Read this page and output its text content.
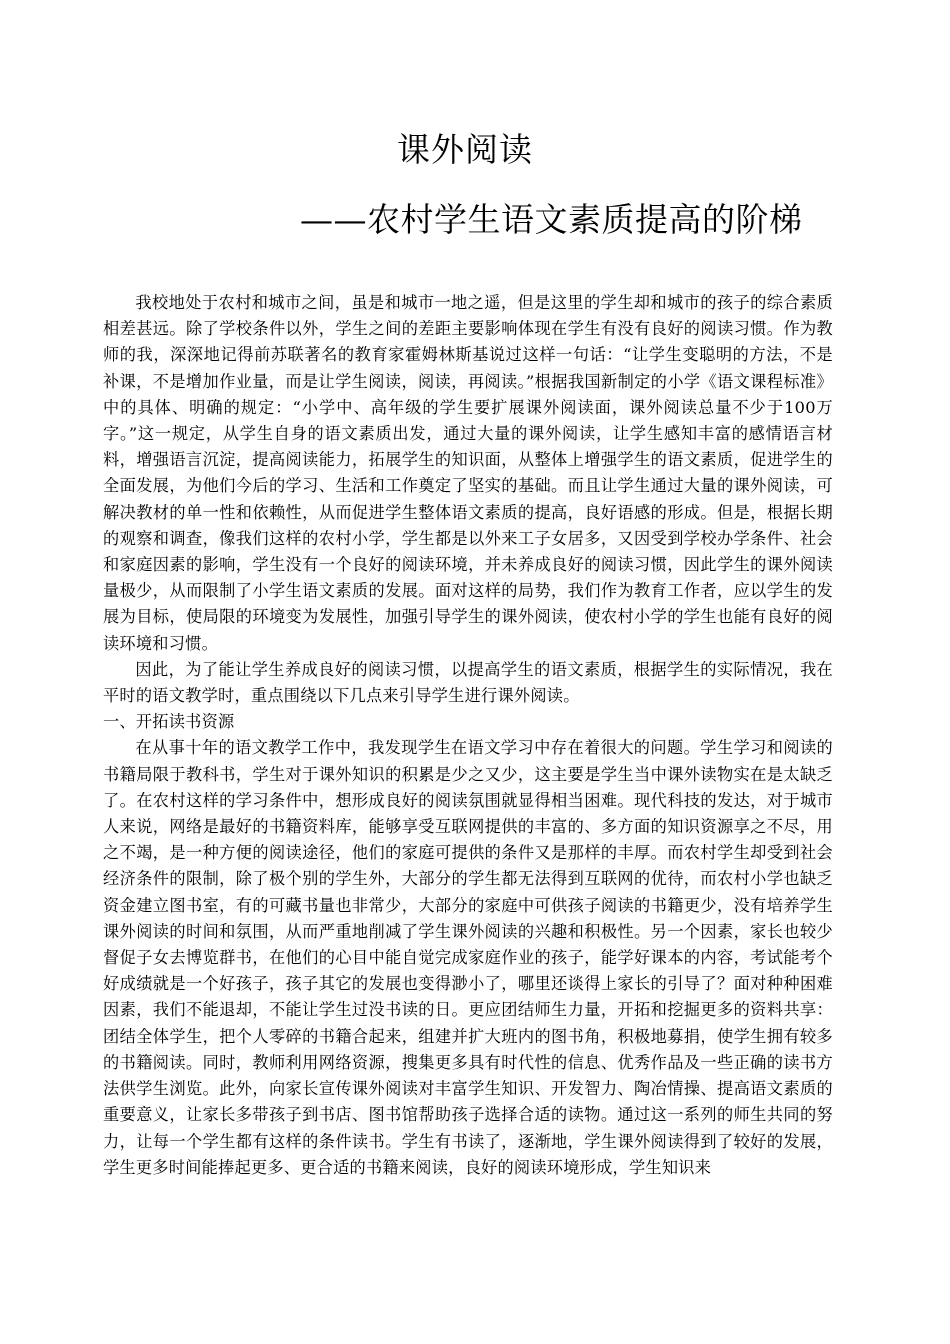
课外阅读
——农村学生语文素质提高的阶梯

我校地处于农村和城市之间，虽是和城市一地之遥，但是这里的学生却和城市的孩子的综合素质相差甚远。除了学校条件以外，学生之间的差距主要影响体现在学生有没有良好的阅读习惯。作为教师的我，深深地记得前苏联著名的教育家霍姆林斯基说过这样一句话：“让学生变聪明的方法，不是补课，不是增加作业量，而是让学生阅读，阅读，再阅读。”根据我国新制定的小学《语文课程标准》中的具体、明确的规定：“小学中、高年级的学生要扩展课外阅读面，课外阅读总量不少于100万字。”这一规定，从学生自身的语文素质出发，通过大量的课外阅读，让学生感知丰富的感情语言材料，增强语言沉淀，提高阅读能力，拓展学生的知识面，从整体上增强学生的语文素质，促进学生的全面发展，为他们今后的学习、生活和工作奠定了坚实的基础。而且让学生通过大量的课外阅读，可解决教材的单一性和依赖性，从而促进学生整体语文素质的提高，良好语感的形成。但是，根据长期的观察和调查，像我们这样的农村小学，学生都是以外来工子女居多，又因受到学校办学条件、社会和家庭因素的影响，学生没有一个良好的阅读环境，并未养成良好的阅读习惯，因此学生的课外阅读量极少，从而限制了小学生语文素质的发展。面对这样的局势，我们作为教育工作者，应以学生的发展为目标，使局限的环境变为发展性，加强引导学生的课外阅读，使农村小学的学生也能有良好的阅读环境和习惯。

因此，为了能让学生养成良好的阅读习惯，以提高学生的语文素质，根据学生的实际情况，我在平时的语文教学时，重点围绕以下几点来引导学生进行课外阅读。

一、开拓读书资源

在从事十年的语文教学工作中，我发现学生在语文学习中存在着很大的问题。学生学习和阅读的书籍局限于教科书，学生对于课外知识的积累是少之又少，这主要是学生当中课外读物实在是太缺乏了。在农村这样的学习条件中，想形成良好的阅读氛围就显得相当困难。现代科技的发达，对于城市人来说，网络是最好的书籍资料库，能够享受互联网提供的丰富的、多方面的知识资源享之不尽，用之不竭，是一种方便的阅读途径，他们的家庭可提供的条件又是那样的丰厚。而农村学生却受到社会经济条件的限制，除了极个别的学生外，大部分的学生都无法得到互联网的优待，而农村小学也缺乏资金建立图书室，有的可藏书量也非常少，大部分的家庭中可供孩子阅读的书籍更少，没有培养学生课外阅读的时间和氛围，从而严重地削减了学生课外阅读的兴趣和积极性。另一个因素，家长也较少督促子女去博览群书，在他们的心目中能自觉完成家庭作业的孩子，能学好课本的内容，考试能考个好成绩就是一个好孩子，孩子其它的发展也变得渺小了，哪里还谈得上家长的引导了？面对种种困难因素，我们不能退却，不能让学生过没书读的日。更应团结师生力量，开拓和挖掘更多的资料共享：团结全体学生，把个人零碎的书籍合起来，组建并扩大班内的图书角，积极地募捐，使学生拥有较多的书籍阅读。同时，教师利用网络资源，搜集更多具有时代性的信息、优秀作品及一些正确的读书方法供学生浏览。此外，向家长宣传课外阅读对丰富学生知识、开发智力、陶冶情操、提高语文素质的重要意义，让家长多带孩子到书店、图书馆帮助孩子选择合适的读物。通过这一系列的师生共同的努力，让每一个学生都有这样的条件读书。学生有书读了，逐渐地，学生课外阅读得到了较好的发展，学生更多时间能捧起更多、更合适的书籍来阅读，良好的阅读环境形成，学生知识来
